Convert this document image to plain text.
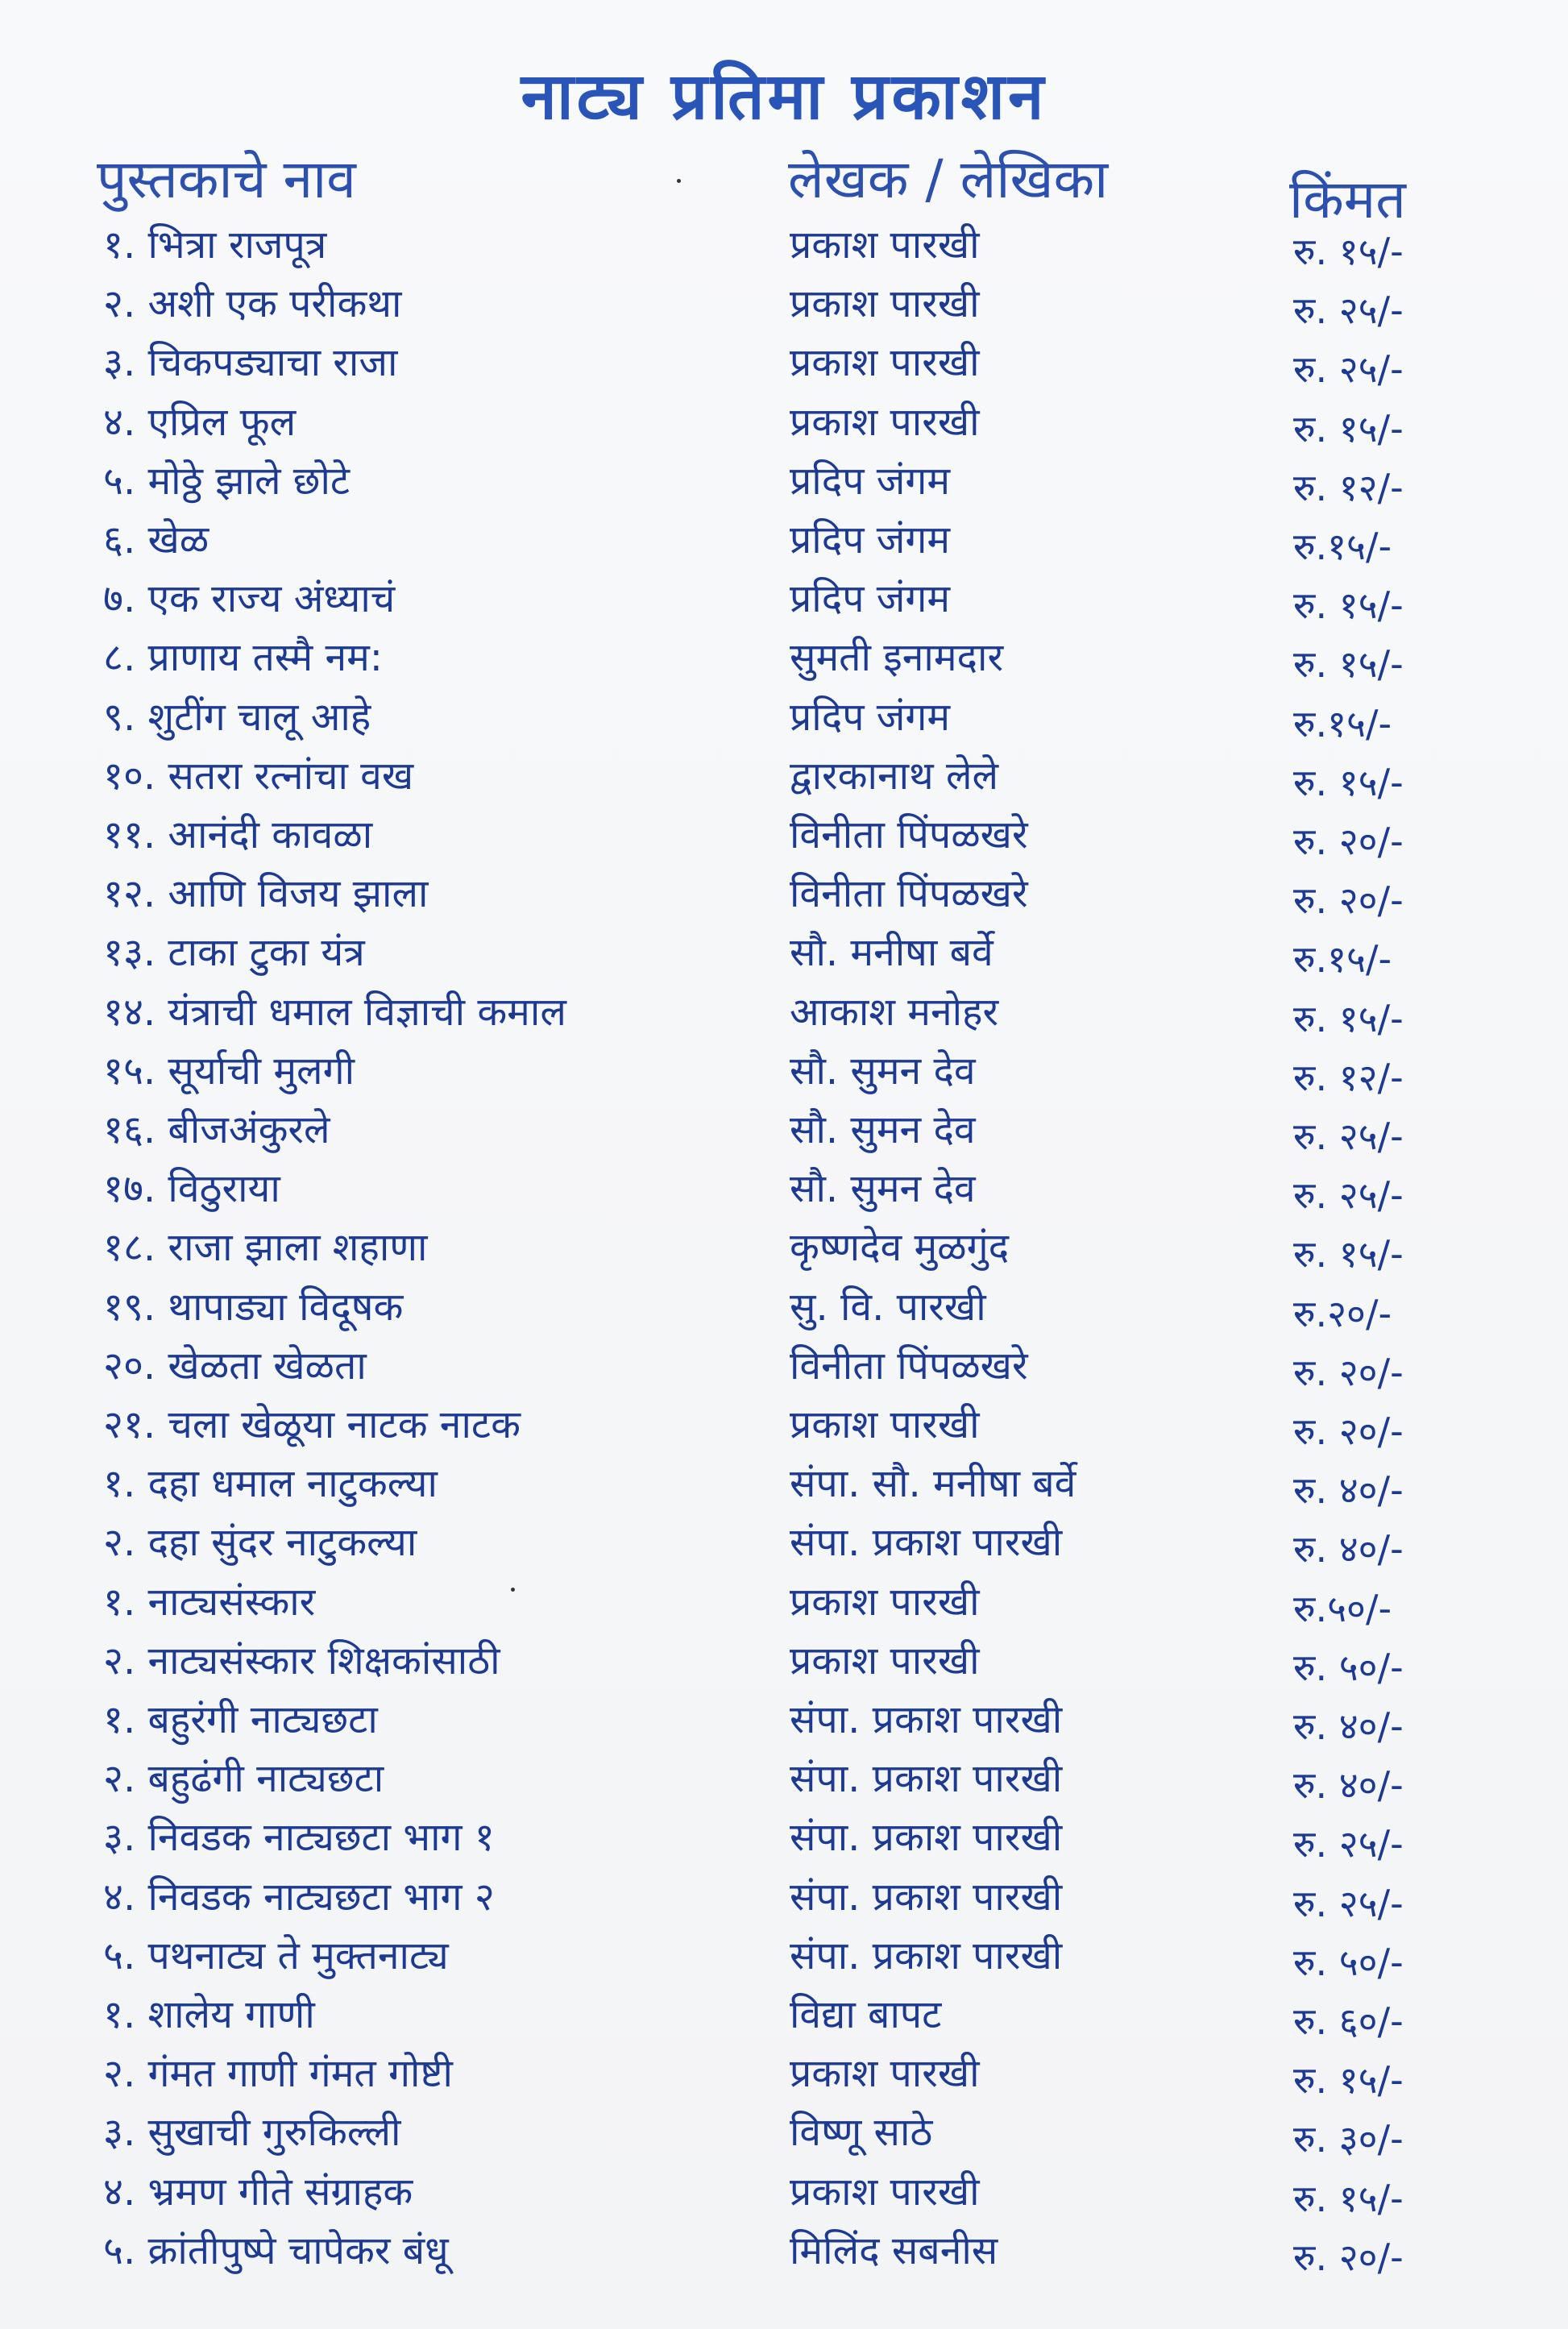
नाट्य प्रतिमा प्रकाशन
पुस्तकाचे नाव	लेखक / लेखिका	किंमत
१. भित्रा राजपूत्र	प्रकाश पारखी	रु. १५/-
२. अशी एक परीकथा	प्रकाश पारखी	रु. २५/-
३. चिकपड्याचा राजा	प्रकाश पारखी	रु. २५/-
४. एप्रिल फूल	प्रकाश पारखी	रु. १५/-
५. मोठ्ठे झाले छोटे	प्रदिप जंगम	रु. १२/-
६. खेळ	प्रदिप जंगम	रु.१५/-
७. एक राज्य अंध्याचं	प्रदिप जंगम	रु. १५/-
८. प्राणाय तस्मै नम:	सुमती इनामदार	रु. १५/-
९. शुटींग चालू आहे	प्रदिप जंगम	रु.१५/-
१०. सतरा रत्नांचा वख	द्वारकानाथ लेले	रु. १५/-
११. आनंदी कावळा	विनीता पिंपळखरे	रु. २०/-
१२. आणि विजय झाला	विनीता पिंपळखरे	रु. २०/-
१३. टाका टुका यंत्र	सौ. मनीषा बर्वे	रु.१५/-
१४. यंत्राची धमाल विज्ञाची कमाल	आकाश मनोहर	रु. १५/-
१५. सूर्याची मुलगी	सौ. सुमन देव	रु. १२/-
१६. बीजअंकुरले	सौ. सुमन देव	रु. २५/-
१७. विठुराया	सौ. सुमन देव	रु. २५/-
१८. राजा झाला शहाणा	कृष्णदेव मुळगुंद	रु. १५/-
१९. थापाड्या विदूषक	सु. वि. पारखी	रु.२०/-
२०. खेळता खेळता	विनीता पिंपळखरे	रु. २०/-
२१. चला खेळूया नाटक नाटक	प्रकाश पारखी	रु. २०/-
१. दहा धमाल नाटुकल्या	संपा. सौ. मनीषा बर्वे	रु. ४०/-
२. दहा सुंदर नाटुकल्या	संपा. प्रकाश पारखी	रु. ४०/-
१. नाट्यसंस्कार	प्रकाश पारखी	रु.५०/-
२. नाट्यसंस्कार शिक्षकांसाठी	प्रकाश पारखी	रु. ५०/-
१. बहुरंगी नाट्यछटा	संपा. प्रकाश पारखी	रु. ४०/-
२. बहुढंगी नाट्यछटा	संपा. प्रकाश पारखी	रु. ४०/-
३. निवडक नाट्यछटा भाग १	संपा. प्रकाश पारखी	रु. २५/-
४. निवडक नाट्यछटा भाग २	संपा. प्रकाश पारखी	रु. २५/-
५. पथनाट्य ते मुक्तनाट्य	संपा. प्रकाश पारखी	रु. ५०/-
१. शालेय गाणी	विद्या बापट	रु. ६०/-
२. गंमत गाणी गंमत गोष्टी	प्रकाश पारखी	रु. १५/-
३. सुखाची गुरुकिल्ली	विष्णू साठे	रु. ३०/-
४. भ्रमण गीते संग्राहक	प्रकाश पारखी	रु. १५/-
५. क्रांतीपुष्पे चापेकर बंधू	मिलिंद सबनीस	रु. २०/-
